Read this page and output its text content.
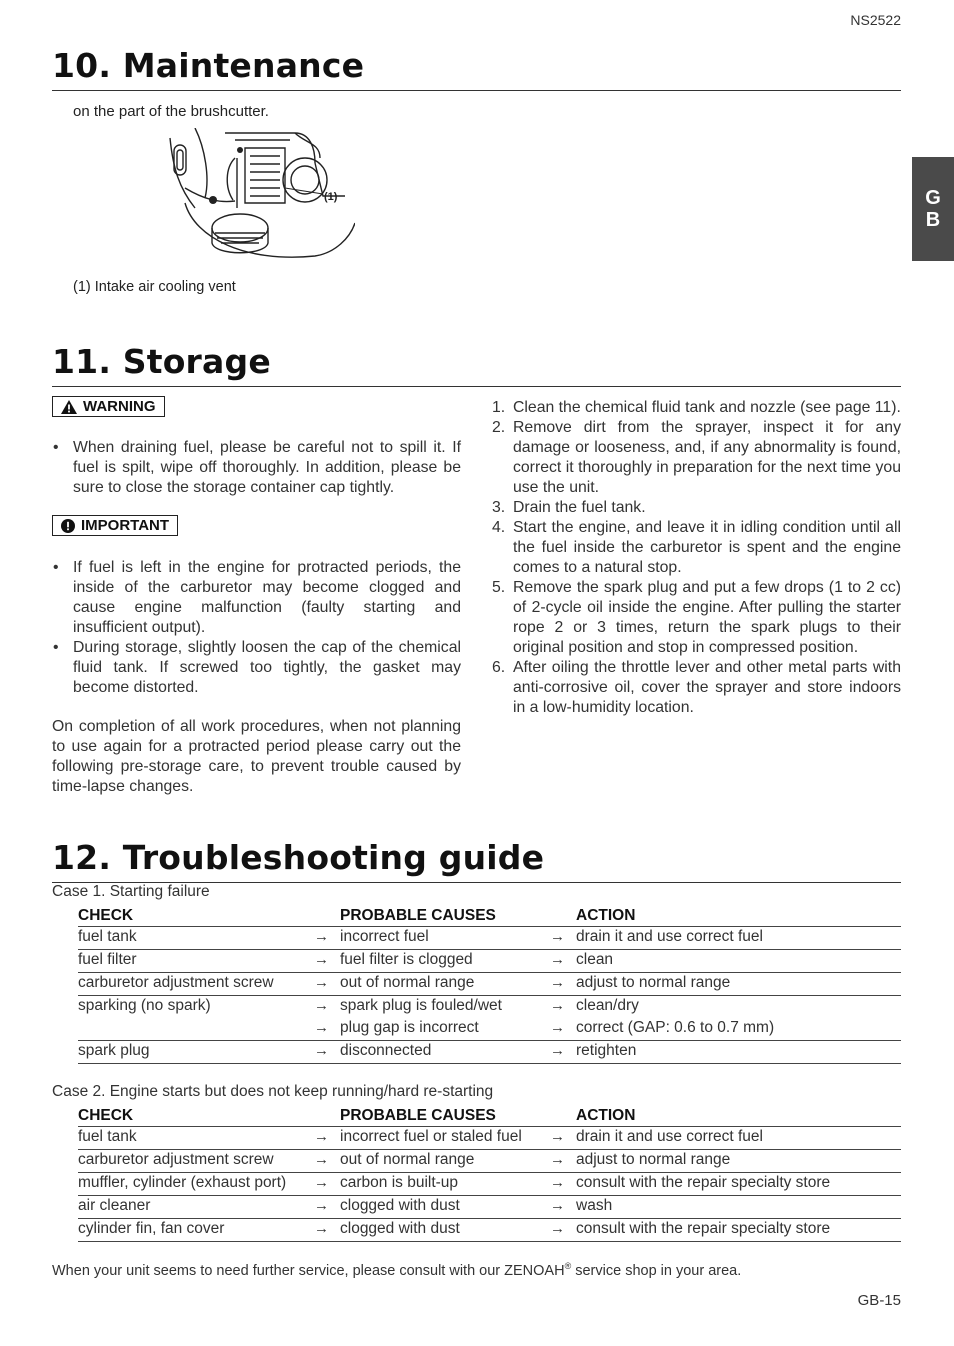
NS2522
G
B
10. Maintenance
on the part of the brushcutter.
(1)
(1) Intake air cooling vent
11. Storage
WARNING
• When draining fuel, please be careful not to spill it. If fuel is spilt, wipe off thoroughly. In addition, please be sure to close the storage container cap tightly.
IMPORTANT
• If fuel is left in the engine for protracted periods, the inside of the carburetor may become clogged and cause engine malfunction (faulty starting and insufficient output).
• During storage, slightly loosen the cap of the chemical fluid tank. If screwed too tightly, the gasket may become distorted.

On completion of all work procedures, when not planning to use again for a protracted period please carry out the following pre-storage care, to prevent trouble caused by time-lapse changes.

1. Clean the chemical fluid tank and nozzle (see page 11).
2. Remove dirt from the sprayer, inspect it for any damage or looseness, and, if any abnormality is found, correct it thoroughly in preparation for the next time you use the unit.
3. Drain the fuel tank.
4. Start the engine, and leave it in idling condition until all the fuel inside the carburetor is spent and the engine comes to a natural stop.
5. Remove the spark plug and put a few drops (1 to 2 cc) of 2-cycle oil inside the engine. After pulling the starter rope 2 or 3 times, return the spark plugs to their original position and stop in compressed position.
6. After oiling the throttle lever and other metal parts with anti-corrosive oil, cover the sprayer and store indoors in a low-humidity location.
12. Troubleshooting guide
Case 1. Starting failure
CHECK		PROBABLE CAUSES		ACTION
fuel tank	→	incorrect fuel	→	drain it and use correct fuel
fuel filter	→	fuel filter is clogged	→	clean
carburetor adjustment screw	→	out of normal range	→	adjust to normal range
sparking (no spark)	→	spark plug is fouled/wet	→	clean/dry
	→	plug gap is incorrect	→	correct (GAP: 0.6 to 0.7 mm)
spark plug	→	disconnected	→	retighten
Case 2. Engine starts but does not keep running/hard re-starting
CHECK		PROBABLE CAUSES		ACTION
fuel tank	→	incorrect fuel or staled fuel	→	drain it and use correct fuel
carburetor adjustment screw	→	out of normal range	→	adjust to normal range
muffler, cylinder (exhaust port)	→	carbon is built-up	→	consult with the repair specialty store
air cleaner	→	clogged with dust	→	wash
cylinder fin, fan cover	→	clogged with dust	→	consult with the repair specialty store
When your unit seems to need further service, please consult with our ZENOAH® service shop in your area.
GB-15
